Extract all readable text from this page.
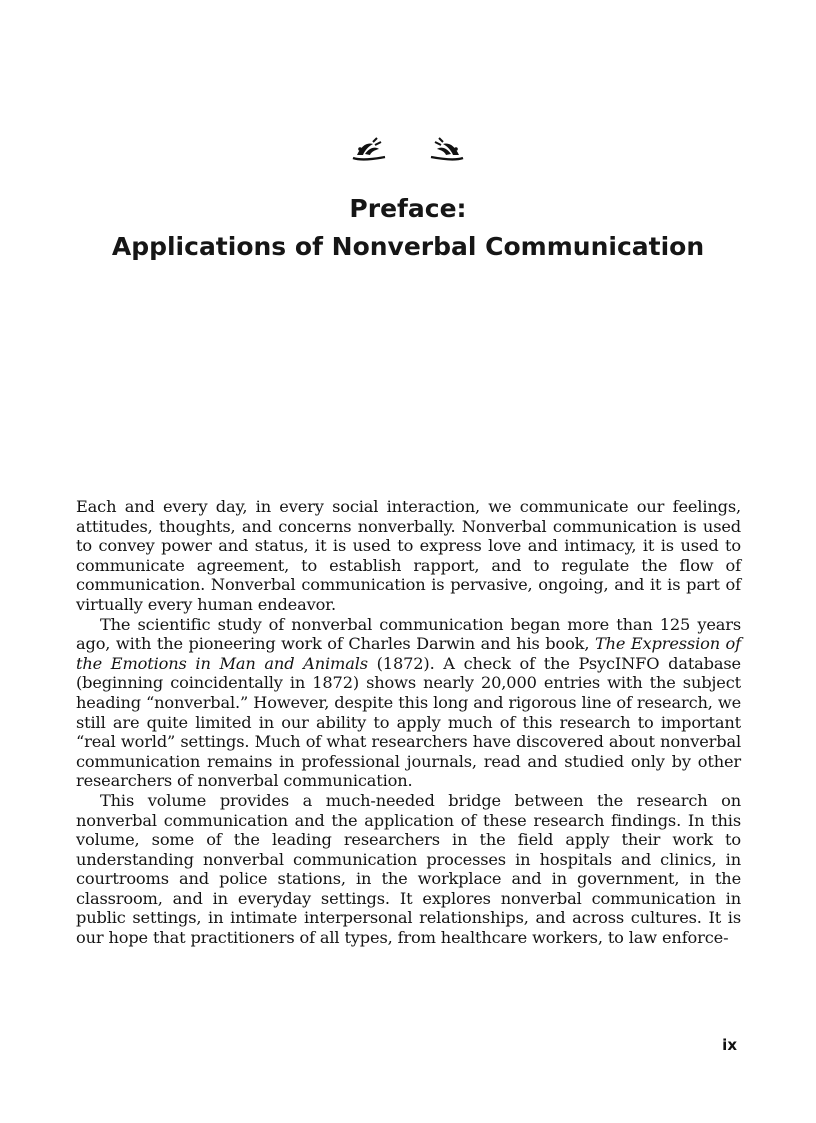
Preface:
Applications of Nonverbal Communication

Each and every day, in every social interaction, we communicate our feelings, attitudes, thoughts, and concerns nonverbally. Nonverbal communication is used to convey power and status, it is used to express love and intimacy, it is used to communicate agreement, to establish rapport, and to regulate the flow of communication. Nonverbal communication is pervasive, ongoing, and it is part of virtually every human endeavor.

The scientific study of nonverbal communication began more than 125 years ago, with the pioneering work of Charles Darwin and his book, The Expression of the Emotions in Man and Animals (1872). A check of the PsycINFO database (beginning coincidentally in 1872) shows nearly 20,000 entries with the subject heading “nonverbal.” However, despite this long and rigorous line of research, we still are quite limited in our ability to apply much of this research to important “real world” settings. Much of what researchers have discovered about nonverbal communication remains in professional journals, read and studied only by other researchers of nonverbal communication.

This volume provides a much-needed bridge between the research on nonverbal communication and the application of these research findings. In this volume, some of the leading researchers in the field apply their work to understanding nonverbal communication processes in hospitals and clinics, in courtrooms and police stations, in the workplace and in government, in the classroom, and in everyday settings. It explores nonverbal communication in public settings, in intimate interpersonal relationships, and across cultures. It is our hope that practitioners of all types, from healthcare workers, to law enforce-

ix
